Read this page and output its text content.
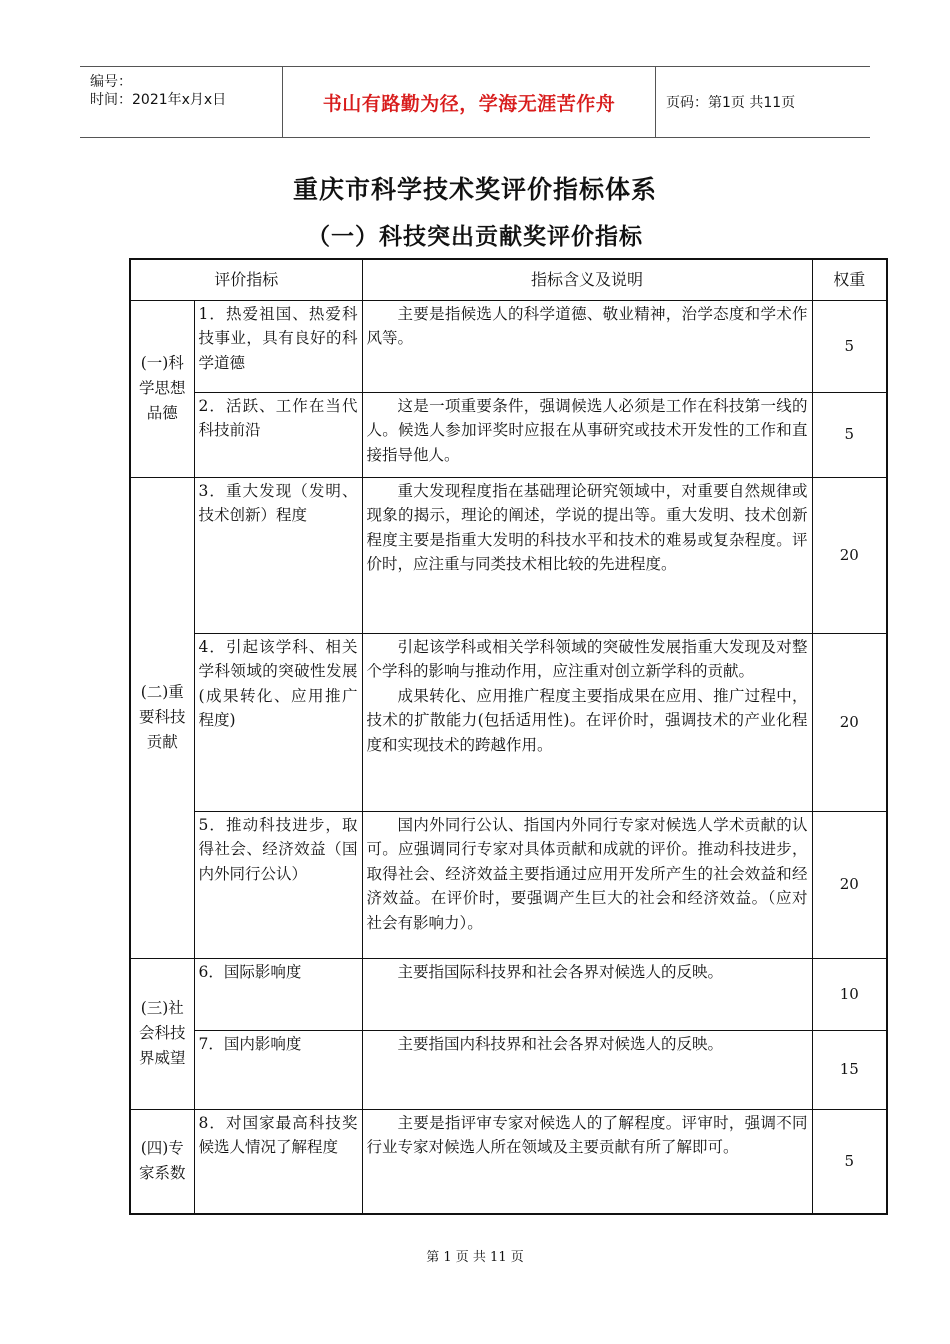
编号：
时间：2021年x月x日	书山有路勤为径，学海无涯苦作舟	页码：第1页 共11页
重庆市科学技术奖评价指标体系
（一）科技突出贡献奖评价指标
评价指标		指标含义及说明	权重
(一)科学思想品德	1．热爱祖国、热爱科技事业，具有良好的科学道德	主要是指候选人的科学道德、敬业精神，治学态度和学术作风等。	5
	2．活跃、工作在当代科技前沿	这是一项重要条件，强调候选人必须是工作在科技第一线的人。候选人参加评奖时应报在从事研究或技术开发性的工作和直接指导他人。	5
(二)重要科技贡献	3．重大发现（发明、技术创新）程度	重大发现程度指在基础理论研究领域中，对重要自然规律或现象的揭示，理论的阐述，学说的提出等。重大发明、技术创新程度主要是指重大发明的科技水平和技术的难易或复杂程度。评价时，应注重与同类技术相比较的先进程度。	20
	4．引起该学科、相关学科领域的突破性发展(成果转化、应用推广程度)	引起该学科或相关学科领域的突破性发展指重大发现及对整个学科的影响与推动作用，应注重对创立新学科的贡献。

成果转化、应用推广程度主要指成果在应用、推广过程中，技术的扩散能力(包括适用性)。在评价时，强调技术的产业化程度和实现技术的跨越作用。	20
	5．推动科技进步，取得社会、经济效益（国内外同行公认）	国内外同行公认、指国内外同行专家对候选人学术贡献的认可。应强调同行专家对具体贡献和成就的评价。推动科技进步，取得社会、经济效益主要指通过应用开发所产生的社会效益和经济效益。在评价时，要强调产生巨大的社会和经济效益。（应对社会有影响力）。	20
(三)社会科技界威望	6．国际影响度	主要指国际科技界和社会各界对候选人的反映。	10
	7．国内影响度	主要指国内科技界和社会各界对候选人的反映。	15
(四)专家系数	8．对国家最高科技奖候选人情况了解程度	主要是指评审专家对候选人的了解程度。评审时，强调不同行业专家对候选人所在领域及主要贡献有所了解即可。	5
第 1 页 共 11 页
